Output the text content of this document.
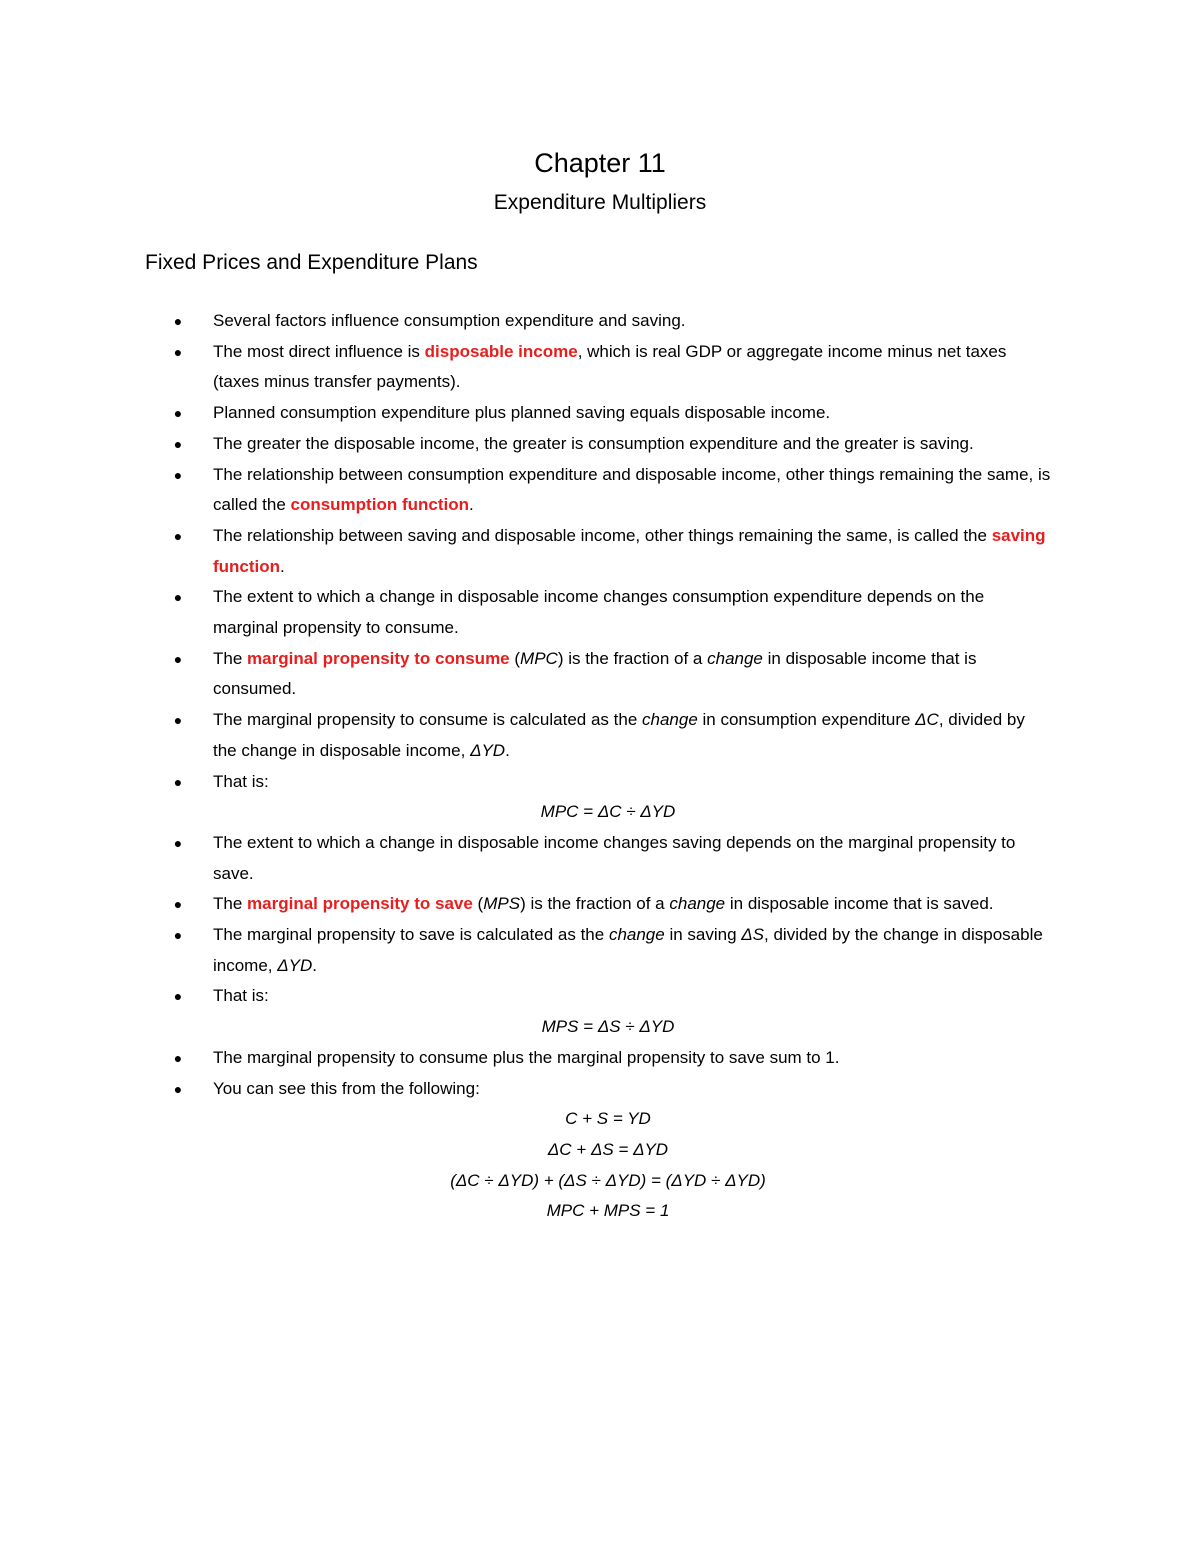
Chapter 11
Expenditure Multipliers
Fixed Prices and Expenditure Plans
● Several factors influence consumption expenditure and saving.
● The most direct influence is disposable income, which is real GDP or aggregate income minus net taxes (taxes minus transfer payments).
● Planned consumption expenditure plus planned saving equals disposable income.
● The greater the disposable income, the greater is consumption expenditure and the greater is saving.
● The relationship between consumption expenditure and disposable income, other things remaining the same, is called the consumption function.
● The relationship between saving and disposable income, other things remaining the same, is called the saving function.
● The extent to which a change in disposable income changes consumption expenditure depends on the marginal propensity to consume.
● The marginal propensity to consume (MPC) is the fraction of a change in disposable income that is consumed.
● The marginal propensity to consume is calculated as the change in consumption expenditure ΔC, divided by the change in disposable income, ΔYD.
● That is:
MPC = ΔC ÷ ΔYD
● The extent to which a change in disposable income changes saving depends on the marginal propensity to save.
● The marginal propensity to save (MPS) is the fraction of a change in disposable income that is saved.
● The marginal propensity to save is calculated as the change in saving ΔS, divided by the change in disposable income, ΔYD.
● That is:
MPS = ΔS ÷ ΔYD
● The marginal propensity to consume plus the marginal propensity to save sum to 1.
● You can see this from the following:
C + S = YD
ΔC + ΔS = ΔYD
(ΔC ÷ ΔYD) + (ΔS ÷ ΔYD) = (ΔYD ÷ ΔYD)
MPC + MPS = 1
